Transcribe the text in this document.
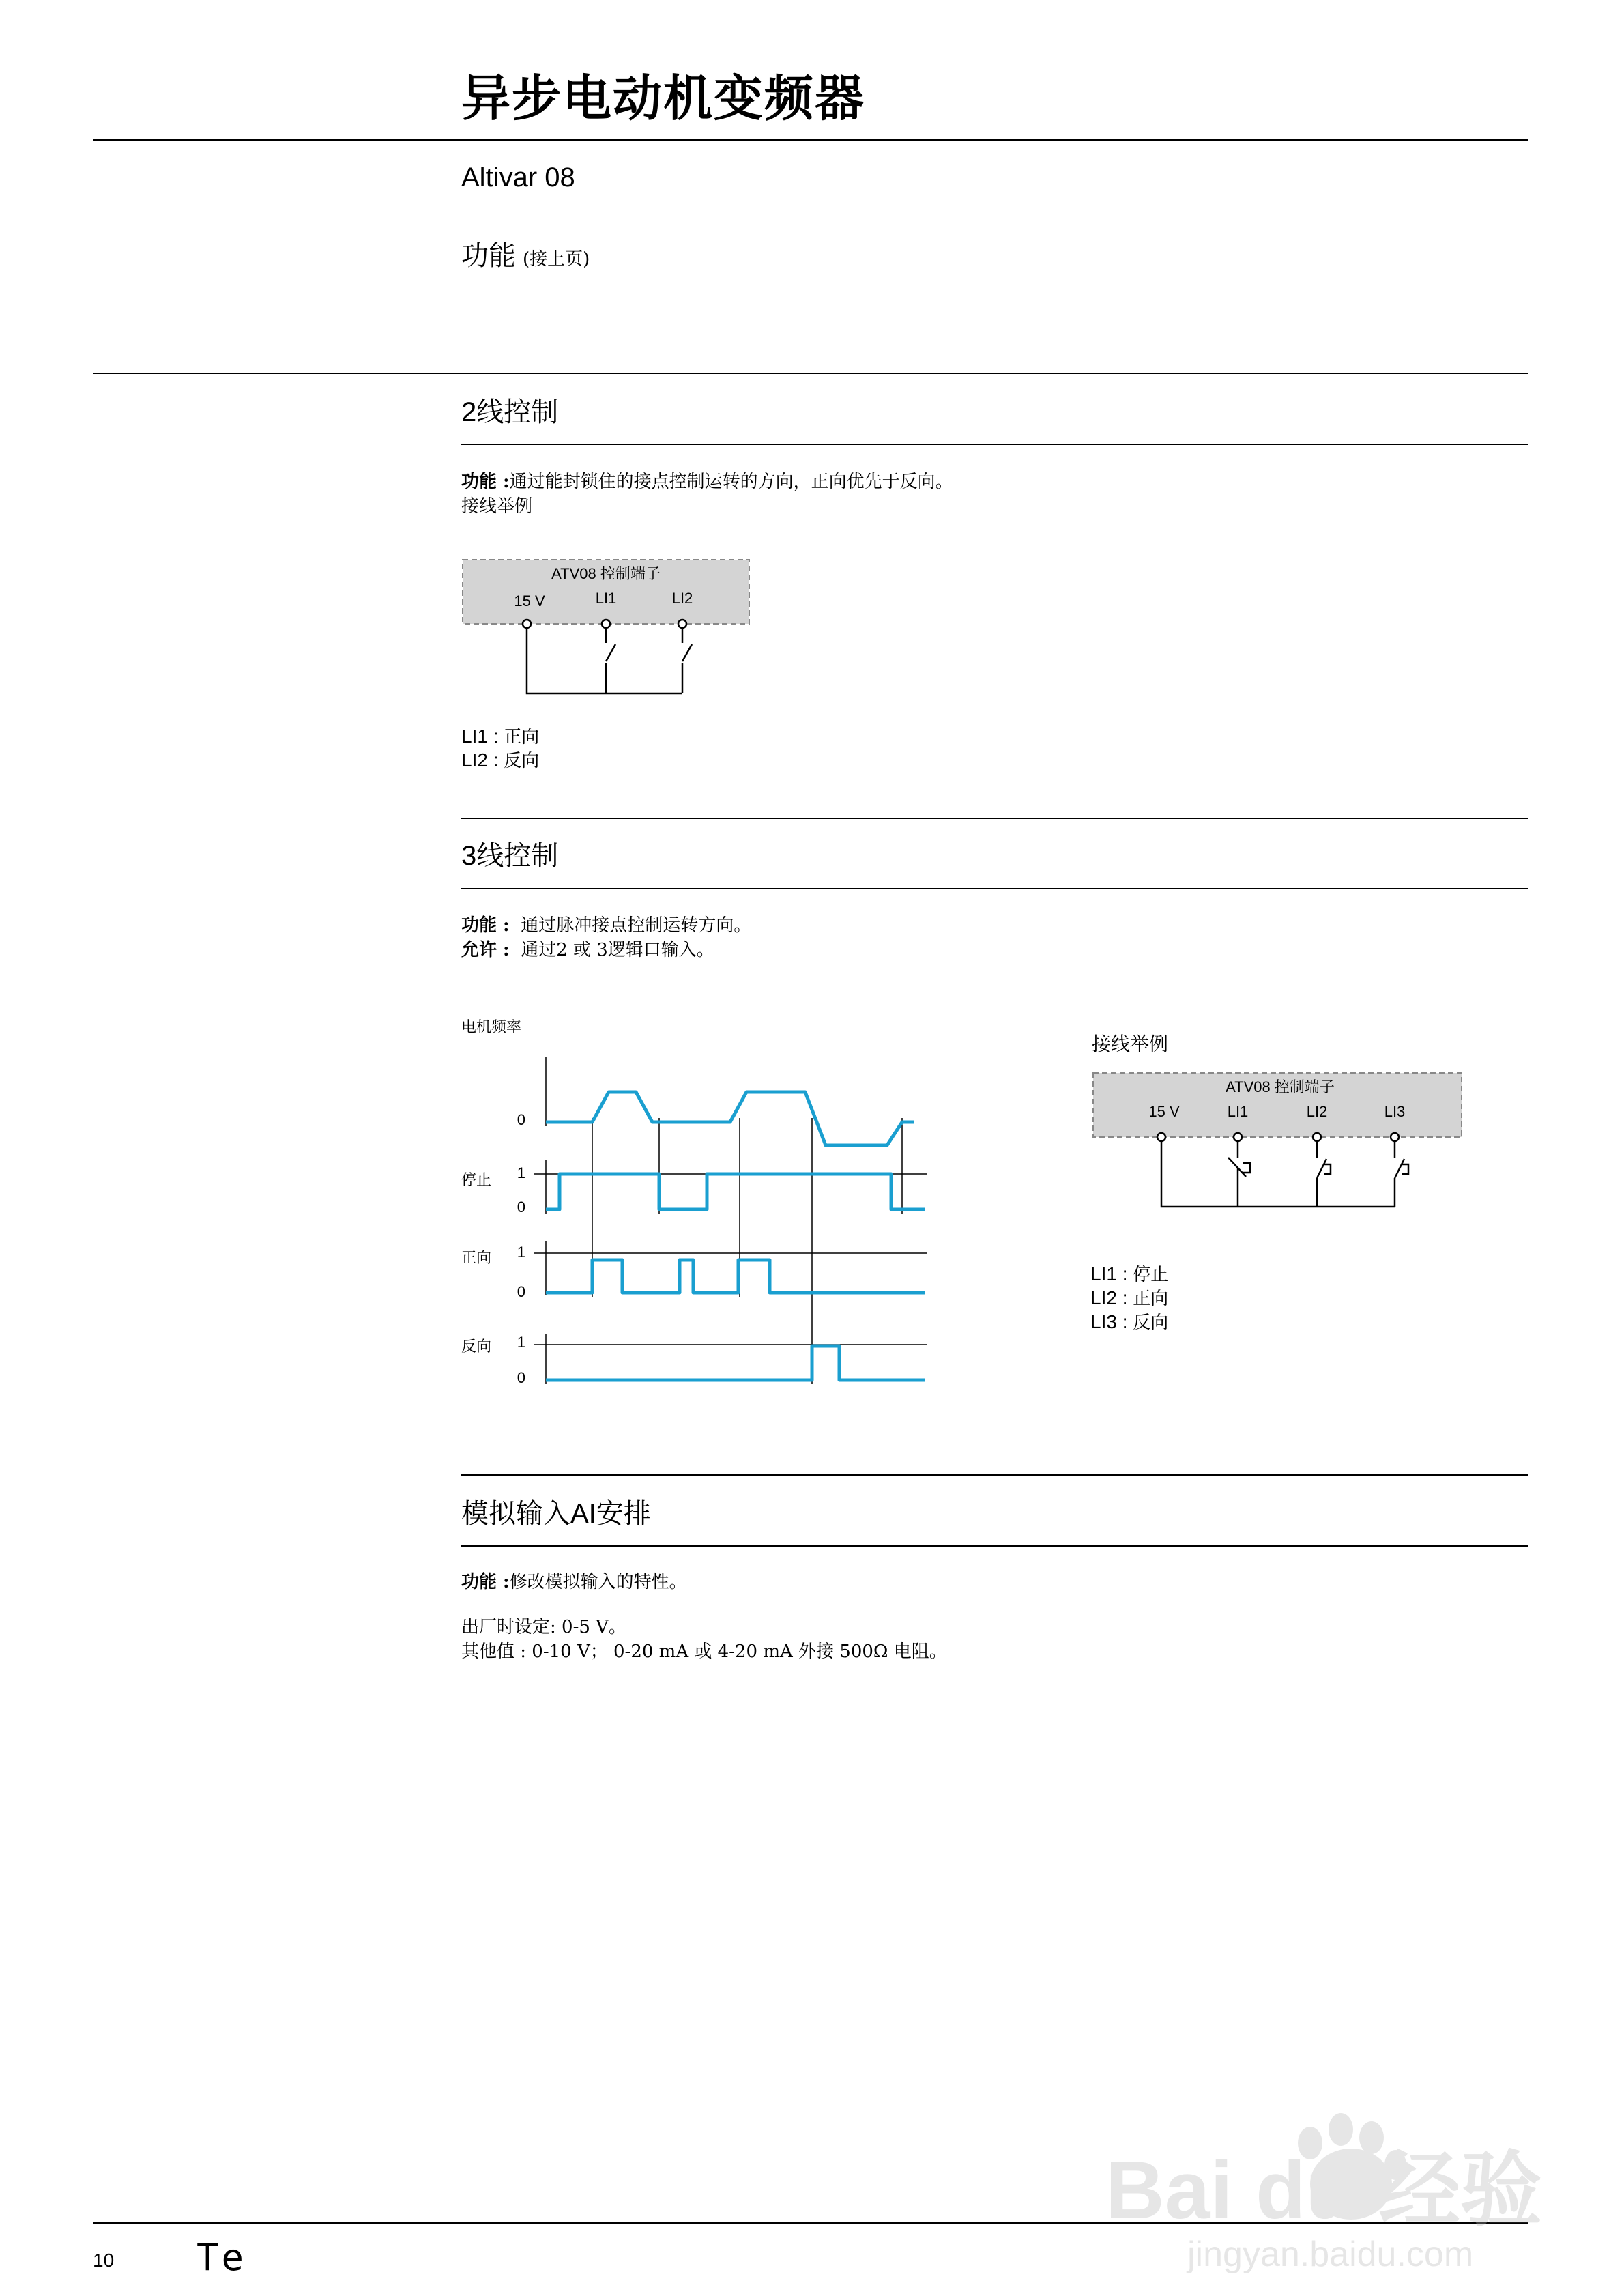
异步电动机变频器
Altivar 08
功能 (接上页)
2线控制
功能 :通过能封锁住的接点控制运转的方向，正向优先于反向。
接线举例
ATV08 控制端子
15 V	LI1	LI2
LI1 : 正向
LI2 : 反向
3线控制
功能 : 通过脉冲接点控制运转方向。
允许 : 通过2 或 3逻辑口输入。
电机频率
0
停止 1
0
正向 1
0
反向 1
0
接线举例
ATV08 控制端子
15 V	LI1	LI2	LI3
LI1 : 停止
LI2 : 正向
LI3 : 反向
模拟输入AI安排
功能 :修改模拟输入的特性。
出厂时设定: 0-5 V。
其他值 : 0-10 V； 0-20 mA 或 4-20 mA 外接 500Ω 电阻。
10 Te
Bai du 经验
jingyan.baidu.com
